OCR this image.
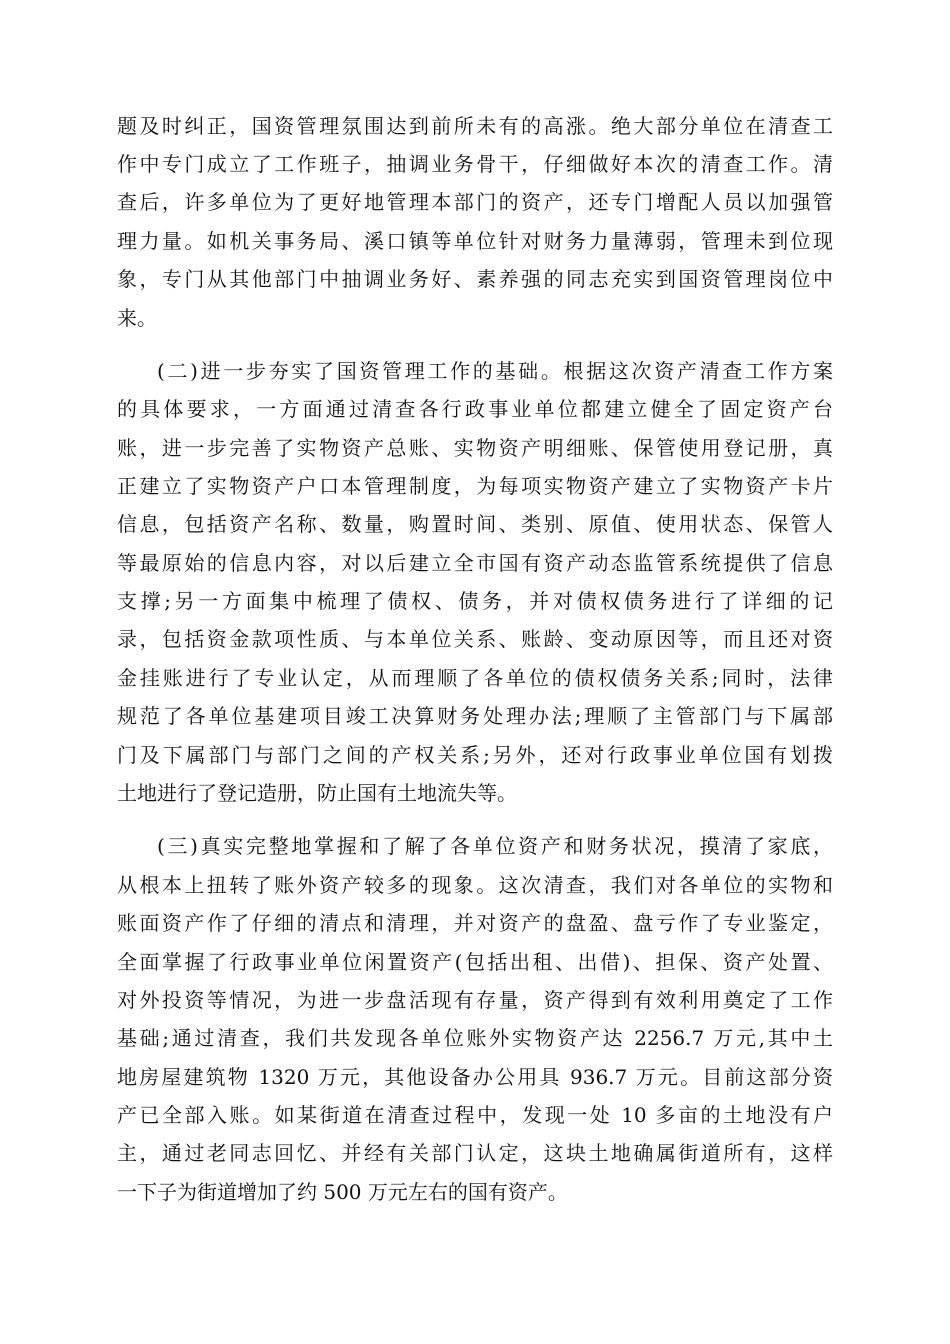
题及时纠正，国资管理氛围达到前所未有的高涨。绝大部分单位在清查工
作中专门成立了工作班子，抽调业务骨干，仔细做好本次的清查工作。清
查后，许多单位为了更好地管理本部门的资产，还专门增配人员以加强管
理力量。如机关事务局、溪口镇等单位针对财务力量薄弱，管理未到位现
象，专门从其他部门中抽调业务好、素养强的同志充实到国资管理岗位中
来。
(二)进一步夯实了国资管理工作的基础。根据这次资产清查工作方案
的具体要求，一方面通过清查各行政事业单位都建立健全了固定资产台
账，进一步完善了实物资产总账、实物资产明细账、保管使用登记册，真
正建立了实物资产户口本管理制度，为每项实物资产建立了实物资产卡片
信息，包括资产名称、数量，购置时间、类别、原值、使用状态、保管人
等最原始的信息内容，对以后建立全市国有资产动态监管系统提供了信息
支撑;另一方面集中梳理了债权、债务，并对债权债务进行了详细的记
录，包括资金款项性质、与本单位关系、账龄、变动原因等，而且还对资
金挂账进行了专业认定，从而理顺了各单位的债权债务关系;同时，法律
规范了各单位基建项目竣工决算财务处理办法;理顺了主管部门与下属部
门及下属部门与部门之间的产权关系;另外，还对行政事业单位国有划拨
土地进行了登记造册，防止国有土地流失等。
(三)真实完整地掌握和了解了各单位资产和财务状况，摸清了家底，
从根本上扭转了账外资产较多的现象。这次清查，我们对各单位的实物和
账面资产作了仔细的清点和清理，并对资产的盘盈、盘亏作了专业鉴定，
全面掌握了行政事业单位闲置资产(包括出租、出借)、担保、资产处置、
对外投资等情况，为进一步盘活现有存量，资产得到有效利用奠定了工作
基础;通过清查，我们共发现各单位账外实物资产达 2256.7 万元,其中土
地房屋建筑物 1320 万元，其他设备办公用具 936.7 万元。目前这部分资
产已全部入账。如某街道在清查过程中，发现一处 10 多亩的土地没有户
主，通过老同志回忆、并经有关部门认定，这块土地确属街道所有，这样
一下子为街道增加了约 500 万元左右的国有资产。
